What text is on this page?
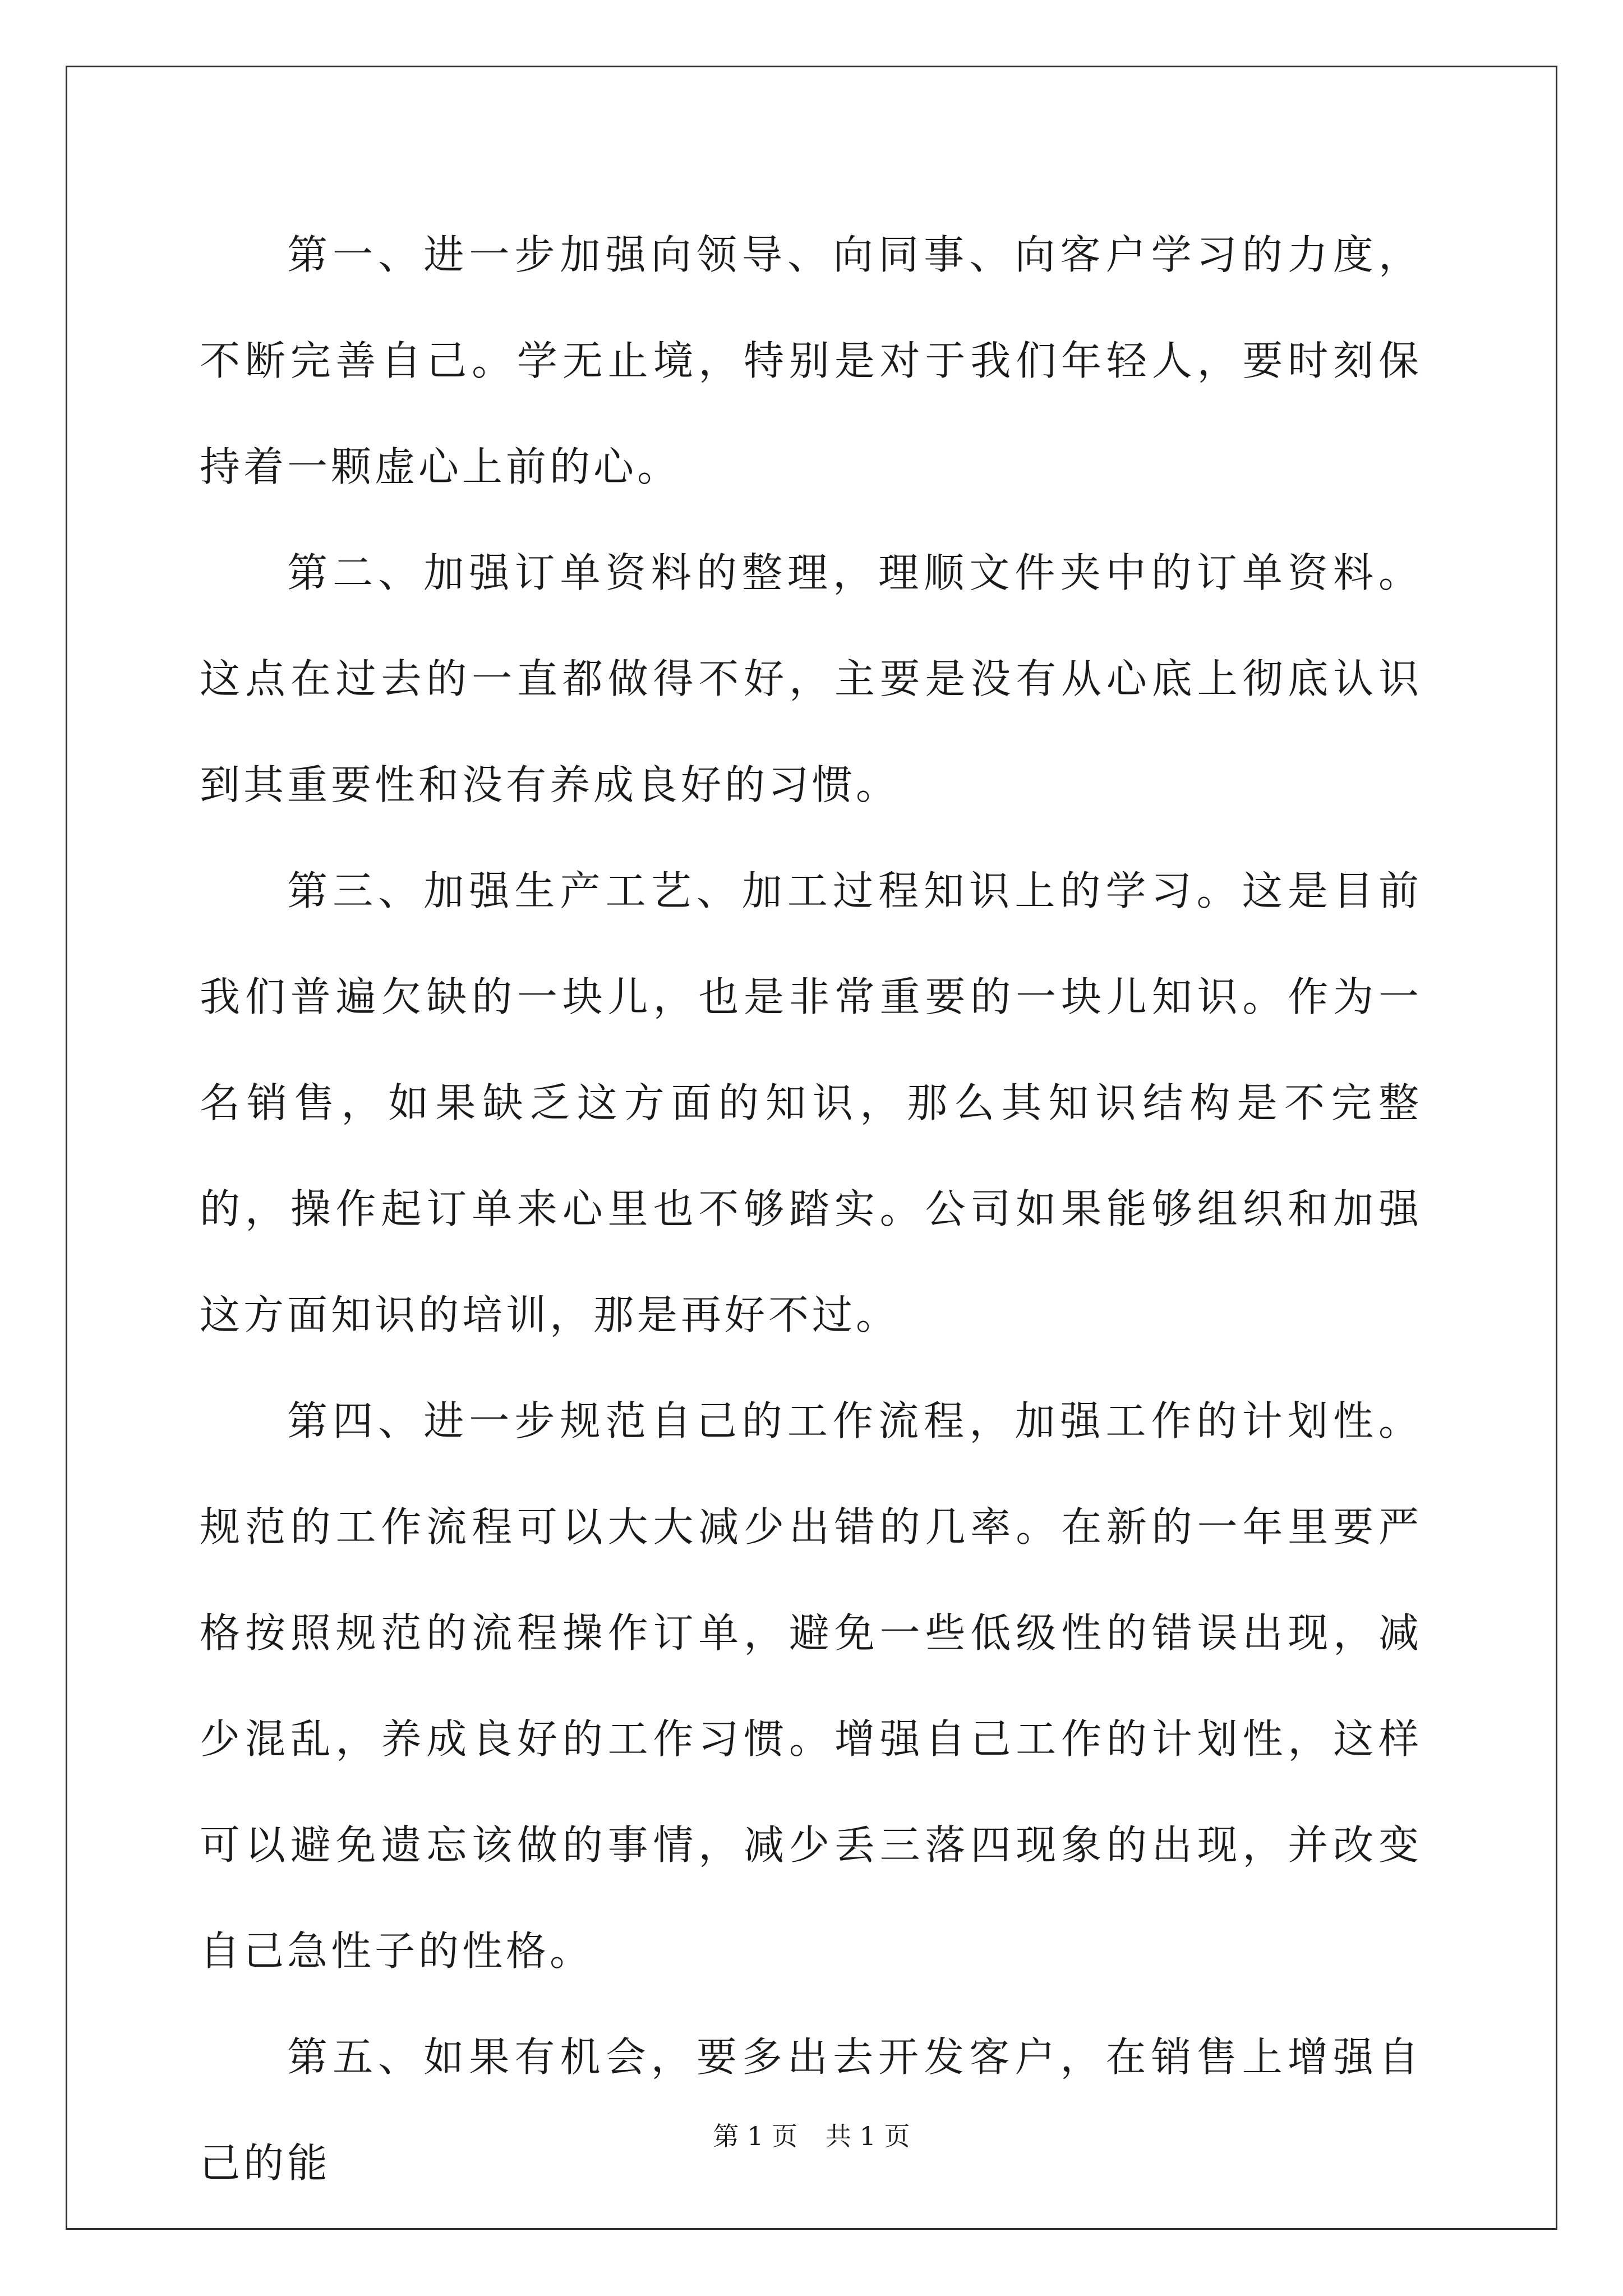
第一、进一步加强向领导、向同事、向客户学习的力度，不断完善自己。学无止境，特别是对于我们年轻人，要时刻保持着一颗虚心上前的心。

第二、加强订单资料的整理，理顺文件夹中的订单资料。这点在过去的一直都做得不好，主要是没有从心底上彻底认识到其重要性和没有养成良好的习惯。

第三、加强生产工艺、加工过程知识上的学习。这是目前我们普遍欠缺的一块儿，也是非常重要的一块儿知识。作为一名销售，如果缺乏这方面的知识，那么其知识结构是不完整的，操作起订单来心里也不够踏实。公司如果能够组织和加强这方面知识的培训，那是再好不过。

第四、进一步规范自己的工作流程，加强工作的计划性。规范的工作流程可以大大减少出错的几率。在新的一年里要严格按照规范的流程操作订单，避免一些低级性的错误出现，减少混乱，养成良好的工作习惯。增强自己工作的计划性，这样可以避免遗忘该做的事情，减少丢三落四现象的出现，并改变自己急性子的性格。

第五、如果有机会，要多出去开发客户，在销售上增强自己的能

第 1 页 共 1 页
